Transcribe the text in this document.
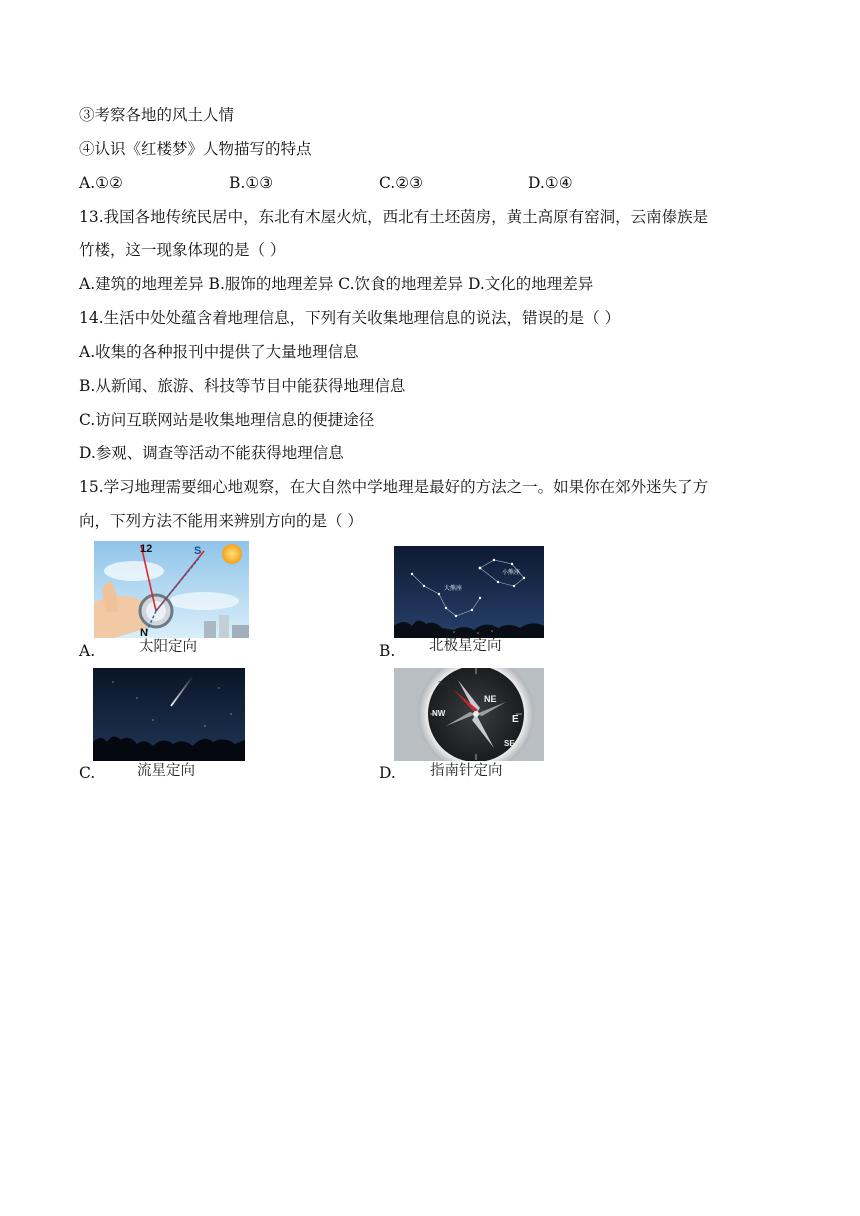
③考察各地的风土人情
④认识《红楼梦》人物描写的特点
A.①②	B.①③	C.②③	D.①④
13.我国各地传统民居中，东北有木屋火炕，西北有土坯茵房，黄土高原有窑洞，云南傣族是
竹楼，这一现象体现的是（ ）
A.建筑的地理差异 B.服饰的地理差异 C.饮食的地理差异 D.文化的地理差异
14.生活中处处蕴含着地理信息，下列有关收集地理信息的说法，错误的是（ ）
A.收集的各种报刊中提供了大量地理信息
B.从新闻、旅游、科技等节目中能获得地理信息
C.访问互联网站是收集地理信息的便捷途径
D.参观、调查等活动不能获得地理信息
15.学习地理需要细心地观察，在大自然中学地理是最好的方法之一。如果你在郊外迷失了方
向，下列方法不能用来辨别方向的是（ ）
A.
12	S
N
太阳定向	B.
小熊座
大熊座
北极星定向
C.	流星定向	D.
NE
E
SE
NW
340
指南针定向
